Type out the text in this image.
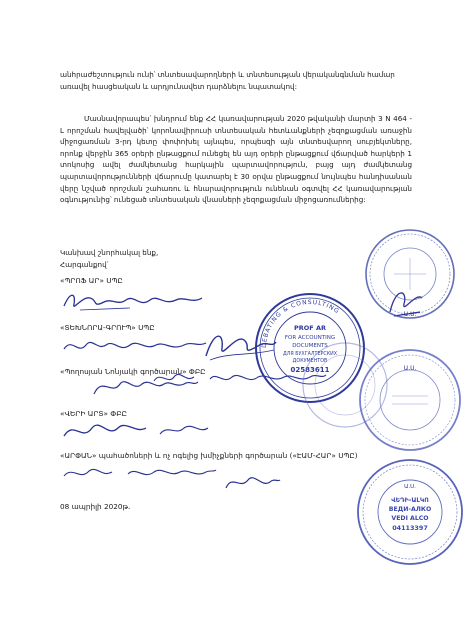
անհրաժեշտություն ունի՝ տնտեսավարողների և տնտեսության վերականգնման համար առավել հասցեական և արդյունավետ դարձնելու նպատակով:

Մասնավորապես՝ խնդրում ենք ՀՀ կառավարության 2020 թվականի մարտի 3 N 464 - Լ որոշման հավելվածի՝ կորոնավիրուսի տնտեսական հետևանքների չեզոքացման առաջին միջոցառման 3-րդ կետը փոփոխել այնպես, որպեսզի այն տնտեսվարող սուբյեկտները, որոնք վերջին 365 օրերի ընթացքում ունեցել են այդ օրերի ընթացքում վճարված հարկերի 1 տոկոսից ավել ժամկետանց հարկային պարտավորություն, բայց այդ ժամկետանց պարտավորությունների վճարումը կատարել է 30 օրվա ընթացքում նույնպես հանդիսանան վերը նշված որոշման շահառու և հնարավորություն ունենան օգտվել ՀՀ կառավարության օգնությունից՝ ունեցած տնտեսական վնասների չեզոքացման միջոցառումներից:

Կանխավ շնորհակալ ենք,
Հարգանքով՝
«ՊՐՈՖ ԱՐ» ՍՊԸ
«ՏԵԽՆՈՐԱ-ԳՐՈՒՊ» ՍՊԸ
«Պողոսյան Նոնյակի գործարան» ՓԲԸ
«ՎԵՐԻ ԱՐՏ» ՓԲԸ
«ԱՐՓԱՆ» պահածոների և ոչ ոգելից խմիչքների գործարան («ԷԱՄ-ՀԱՐ» ՍՊԸ)
08 ապրիլի 2020թ.
DEBATING & CONSULTING
PROF AR
FOR ACCOUNTING
DOCUMENTS
ДЛЯ БУХГАЛТЕРСКИХ
ДОКУМЕНТОВ
02583611
Ա.Ս.
Ա.Ս.
Ա.Ս.
ՎԵԴԻ-ԱԼԿՈ
ВЕДИ-АЛКО
VEDI ALCO
04113397
